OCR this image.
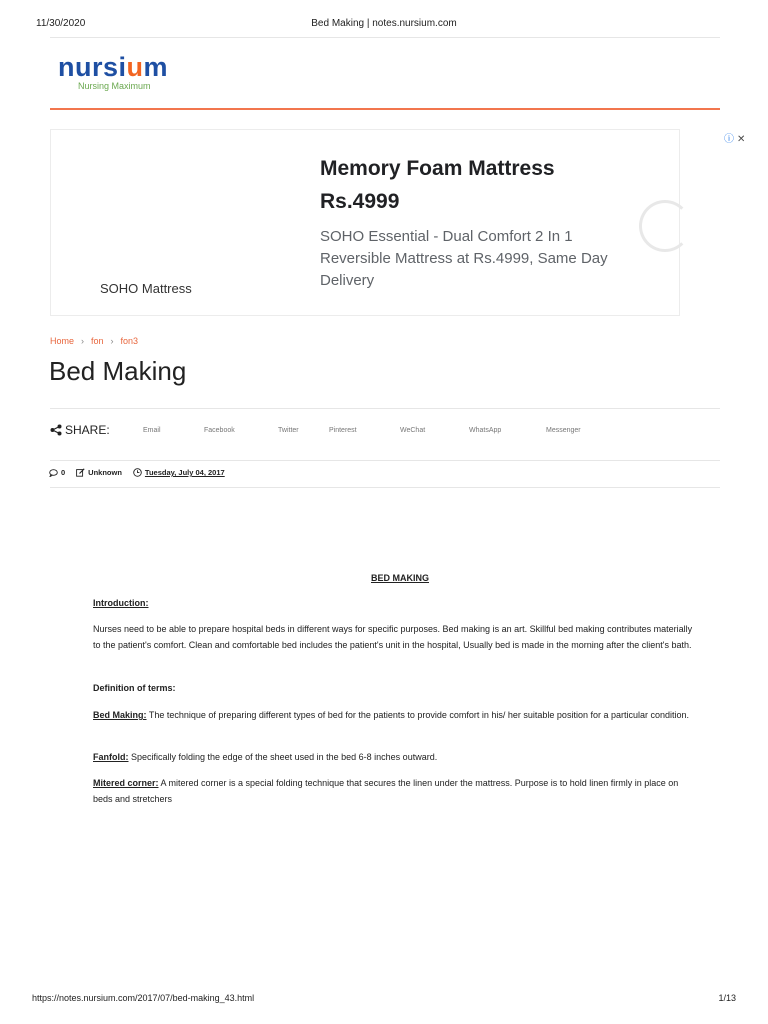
11/30/2020	Bed Making | notes.nursium.com
nursium
Nursing Maximum
SOHO Mattress
Memory Foam Mattress Rs.4999
SOHO Essential - Dual Comfort 2 In 1 Reversible Mattress at Rs.4999, Same Day Delivery
ⓘ ✕
Home › fon › fon3
Bed Making
SHARE:	Email	Facebook	Twitter	Pinterest	WeChat	WhatsApp	Messenger
0	Unknown	Tuesday, July 04, 2017
BED MAKING
Introduction:
Nurses need to be able to prepare hospital beds in different ways for specific purposes. Bed making is an art. Skillful bed making contributes materially to the patient's comfort. Clean and comfortable bed includes the patient's unit in the hospital, Usually bed is made in the morning after the client's bath.
Definition of terms:
Bed Making: The technique of preparing different types of bed for the patients to provide comfort in his/ her suitable position for a particular condition.
Fanfold: Specifically folding the edge of the sheet used in the bed 6-8 inches outward.
Mitered corner: A mitered corner is a special folding technique that secures the linen under the mattress. Purpose is to hold linen firmly in place on beds and stretchers
https://notes.nursium.com/2017/07/bed-making_43.html	1/13
